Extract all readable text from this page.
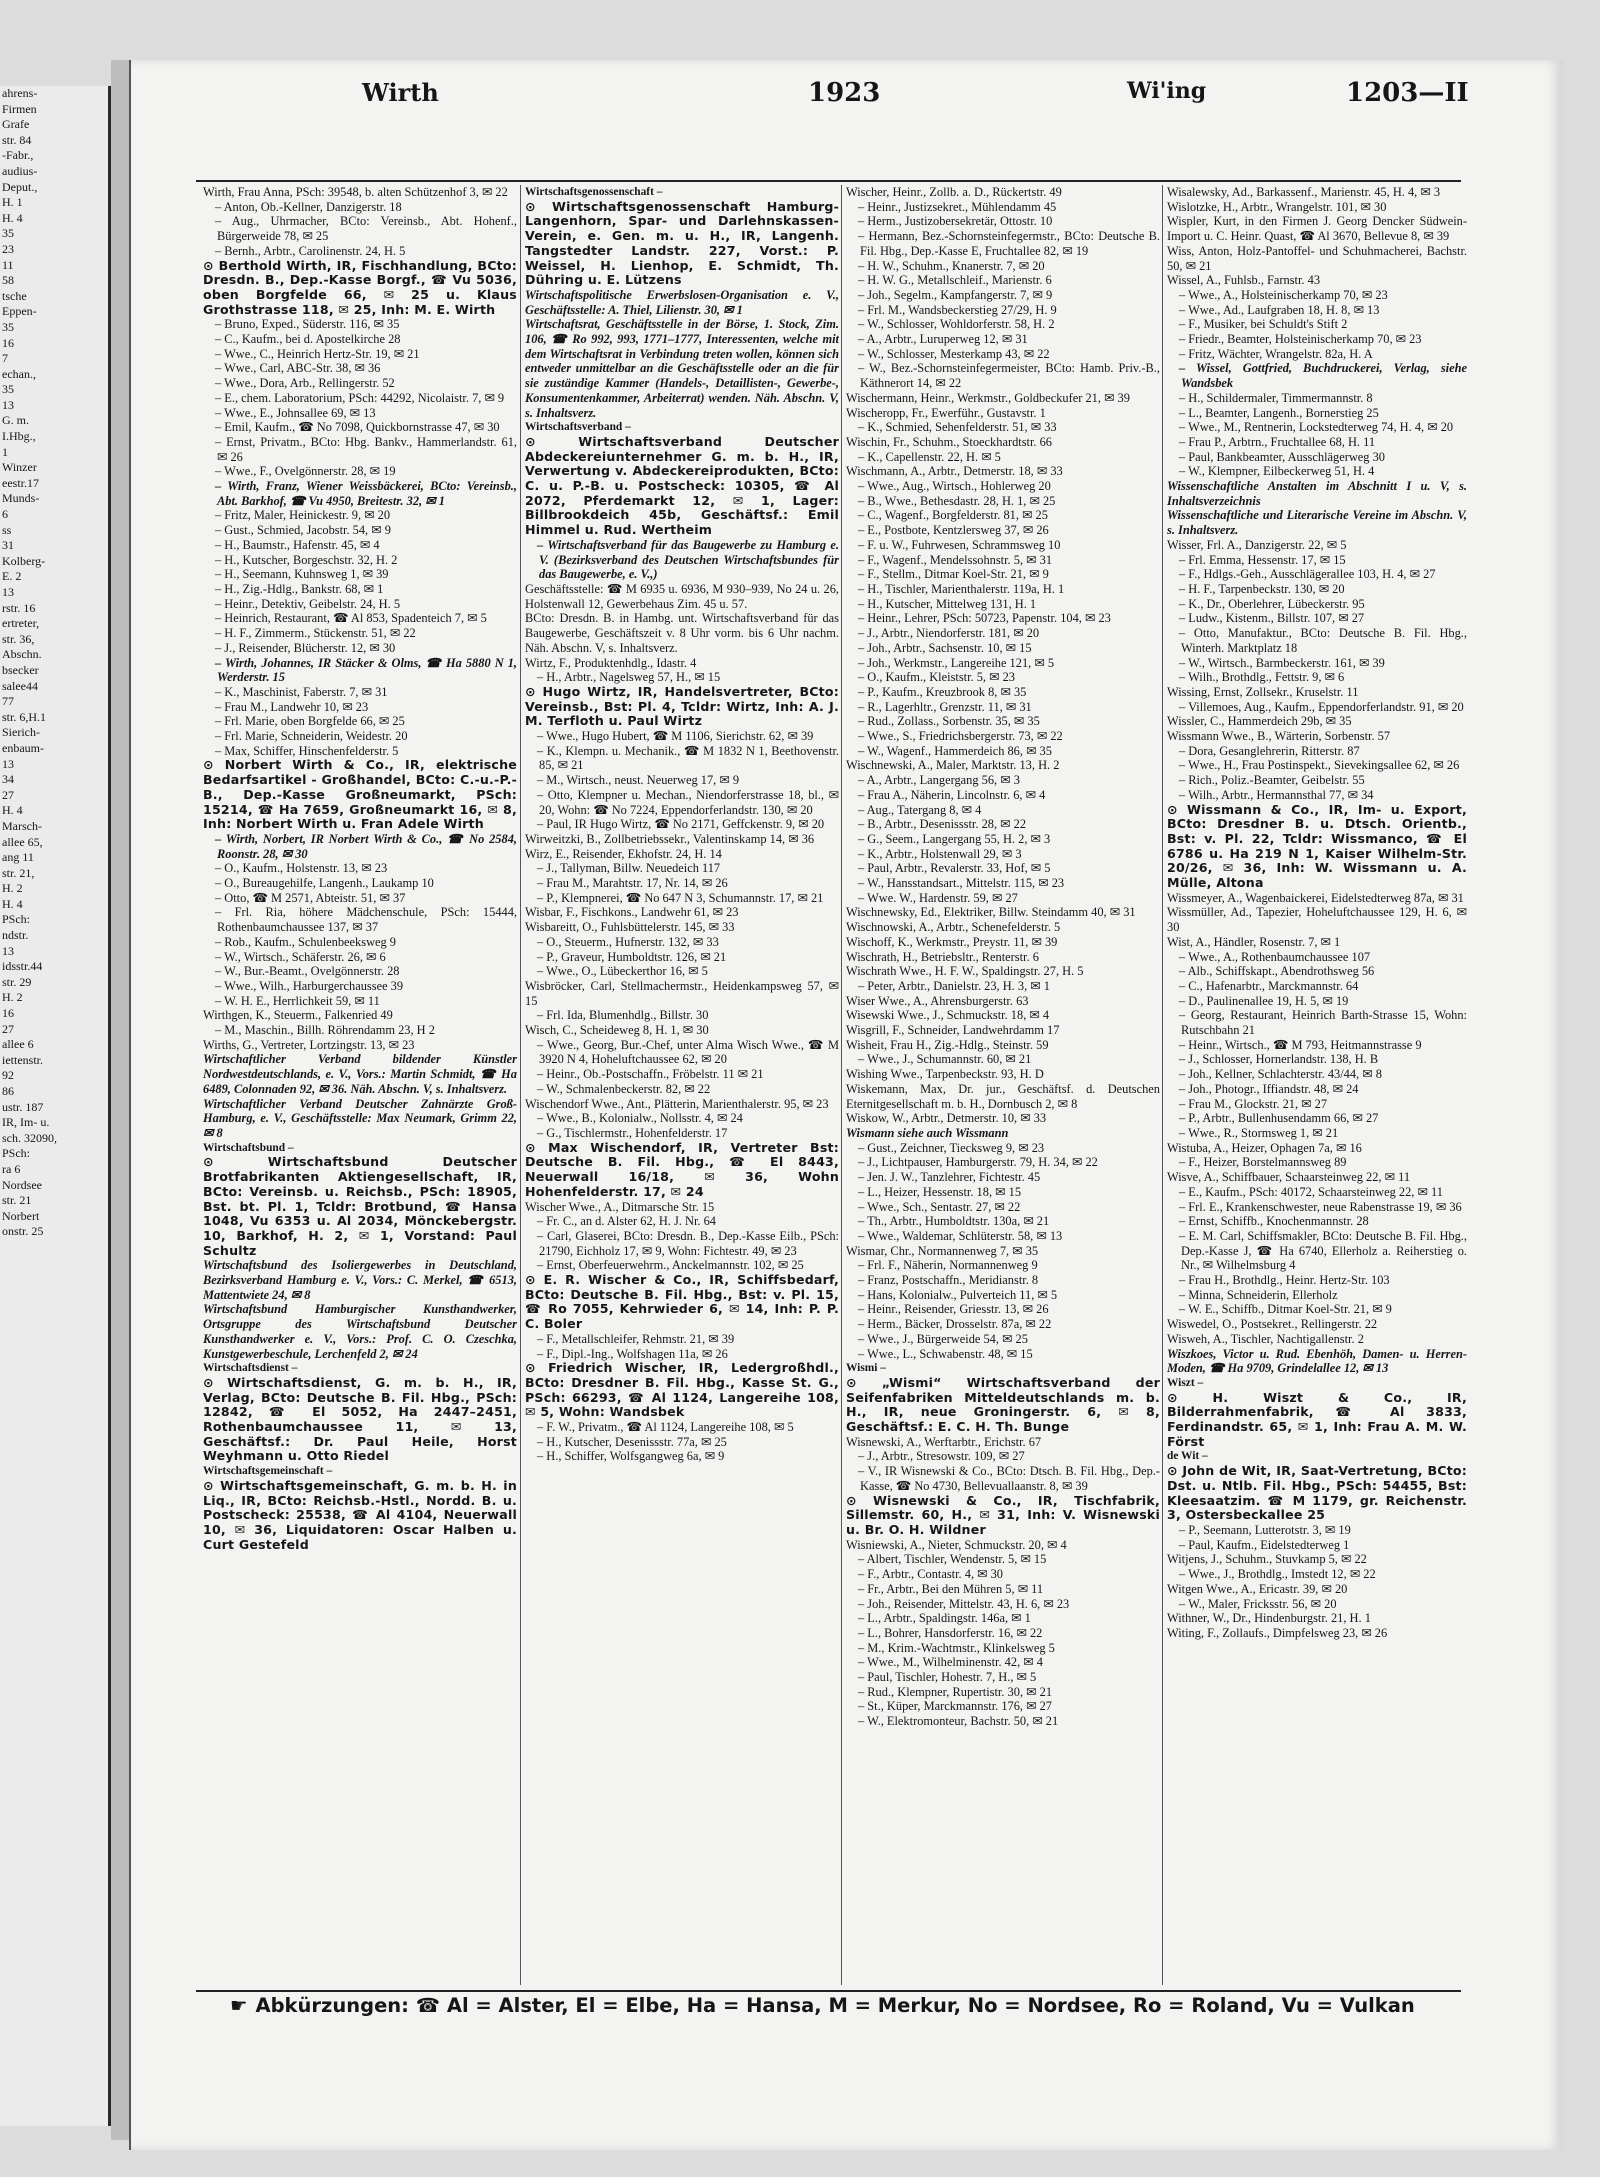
ahrens-
Firmen
Grafe
str. 84
-Fabr.,
audius-
Deput.,
H. 1
H. 4
35
23
11
58
tsche
Eppen-
35
16
7
echan.,
35
13
G. m.
I.Hbg.,
1
Winzer
eestr.17
Munds-
6
ss
31
Kolberg-
E. 2
13
rstr. 16
ertreter,
str. 36,
Abschn.
bsecker
salee44
77
str. 6,H.1
Sierich-
enbaum-
13
34
27
H. 4
Marsch-
allee 65,
ang 11
str. 21,
H. 2
H. 4
PSch:
ndstr.
13
idsstr.44
str. 29
H. 2
16
27
allee 6
iettenstr.
92
86
ustr. 187
IR, Im- u.
sch. 32090,
PSch:
ra 6
Nordsee
str. 21
Norbert
onstr. 25
Wirth	1923	Wi'ing	1203—II

Wirth, Frau Anna, PSch: 39548, b. alten Schützenhof 3, ✉ 22

– Anton, Ob.-Kellner, Danzigerstr. 18

– Aug., Uhrmacher, BCto: Vereinsb., Abt. Hohenf., Bürgerweide 78, ✉ 25

– Bernh., Arbtr., Carolinenstr. 24, H. 5

⊙ Berthold Wirth, IR, Fischhandlung, BCto: Dresdn. B., Dep.-Kasse Borgf., ☎ Vu 5036, oben Borgfelde 66, ✉ 25 u. Klaus Grothstrasse 118, ✉ 25, Inh: M. E. Wirth

– Bruno, Exped., Süderstr. 116, ✉ 35

– C., Kaufm., bei d. Apostelkirche 28

– Wwe., C., Heinrich Hertz-Str. 19, ✉ 21

– Wwe., Carl, ABC-Str. 38, ✉ 36

– Wwe., Dora, Arb., Rellingerstr. 52

– E., chem. Laboratorium, PSch: 44292, Nicolaistr. 7, ✉ 9

– Wwe., E., Johnsallee 69, ✉ 13

– Emil, Kaufm., ☎ No 7098, Quickbornstrasse 47, ✉ 30

– Ernst, Privatm., BCto: Hbg. Bankv., Hammerlandstr. 61, ✉ 26

– Wwe., F., Ovelgönnerstr. 28, ✉ 19

– Wirth, Franz, Wiener Weissbäckerei, BCto: Vereinsb., Abt. Barkhof, ☎ Vu 4950, Breitestr. 32, ✉ 1

– Fritz, Maler, Heinickestr. 9, ✉ 20

– Gust., Schmied, Jacobstr. 54, ✉ 9

– H., Baumstr., Hafenstr. 45, ✉ 4

– H., Kutscher, Borgeschstr. 32, H. 2

– H., Seemann, Kuhnsweg 1, ✉ 39

– H., Zig.-Hdlg., Bankstr. 68, ✉ 1

– Heinr., Detektiv, Geibelstr. 24, H. 5

– Heinrich, Restaurant, ☎ Al 853, Spadenteich 7, ✉ 5

– H. F., Zimmerm., Stückenstr. 51, ✉ 22

– J., Reisender, Blücherstr. 12, ✉ 30

– Wirth, Johannes, IR Stäcker & Olms, ☎ Ha 5880 N 1, Werderstr. 15

– K., Maschinist, Faberstr. 7, ✉ 31

– Frau M., Landwehr 10, ✉ 23

– Frl. Marie, oben Borgfelde 66, ✉ 25

– Frl. Marie, Schneiderin, Weidestr. 20

– Max, Schiffer, Hinschenfelderstr. 5

⊙ Norbert Wirth & Co., IR, elektrische Bedarfsartikel - Großhandel, BCto: C.-u.-P.-B., Dep.-Kasse Großneumarkt, PSch: 15214, ☎ Ha 7659, Großneumarkt 16, ✉ 8, Inh: Norbert Wirth u. Fran Adele Wirth

– Wirth, Norbert, IR Norbert Wirth & Co., ☎ No 2584, Roonstr. 28, ✉ 30

– O., Kaufm., Holstenstr. 13, ✉ 23

– O., Bureaugehilfe, Langenh., Laukamp 10

– Otto, ☎ M 2571, Abteistr. 51, ✉ 37

– Frl. Ria, höhere Mädchenschule, PSch: 15444, Rothenbaumchaussee 137, ✉ 37

– Rob., Kaufm., Schulenbeeksweg 9

– W., Wirtsch., Schäferstr. 26, ✉ 6

– W., Bur.-Beamt., Ovelgönnerstr. 28

– Wwe., Wilh., Harburgerchaussee 39

– W. H. E., Herrlichkeit 59, ✉ 11

Wirthgen, K., Steuerm., Falkenried 49

– M., Maschin., Billh. Röhrendamm 23, H 2

Wirths, G., Vertreter, Lortzingstr. 13, ✉ 23

Wirtschaftlicher Verband bildender Künstler Nordwestdeutschlands, e. V., Vors.: Martin Schmidt, ☎ Ha 6489, Colonnaden 92, ✉ 36. Näh. Abschn. V, s. Inhaltsverz.

Wirtschaftlicher Verband Deutscher Zahnärzte Groß-Hamburg, e. V., Geschäftsstelle: Max Neumark, Grimm 22, ✉ 8

Wirtschaftsbund –

⊙ Wirtschaftsbund Deutscher Brotfabrikanten Aktiengesellschaft, IR, BCto: Vereinsb. u. Reichsb., PSch: 18905, Bst. bt. Pl. 1, Tcldr: Brotbund, ☎ Hansa 1048, Vu 6353 u. Al 2034, Mönckebergstr. 10, Barkhof, H. 2, ✉ 1, Vorstand: Paul Schultz

Wirtschaftsbund des Isoliergewerbes in Deutschland, Bezirksverband Hamburg e. V., Vors.: C. Merkel, ☎ 6513, Mattentwiete 24, ✉ 8

Wirtschaftsbund Hamburgischer Kunsthandwerker, Ortsgruppe des Wirtschaftsbund Deutscher Kunsthandwerker e. V., Vors.: Prof. C. O. Czeschka, Kunstgewerbeschule, Lerchenfeld 2, ✉ 24

Wirtschaftsdienst –

⊙ Wirtschaftsdienst, G. m. b. H., IR, Verlag, BCto: Deutsche B. Fil. Hbg., PSch: 12842, ☎ El 5052, Ha 2447–2451, Rothenbaumchaussee 11, ✉ 13, Geschäftsf.: Dr. Paul Heile, Horst Weyhmann u. Otto Riedel

Wirtschaftsgemeinschaft –

⊙ Wirtschaftsgemeinschaft, G. m. b. H. in Liq., IR, BCto: Reichsb.-Hstl., Nordd. B. u. Postscheck: 25538, ☎ Al 4104, Neuerwall 10, ✉ 36, Liquidatoren: Oscar Halben u. Curt Gestefeld

Wirtschaftsgenossenschaft –

⊙ Wirtschaftsgenossenschaft Hamburg-Langenhorn, Spar- und Darlehnskassen-Verein, e. Gen. m. u. H., IR, Langenh. Tangstedter Landstr. 227, Vorst.: P. Weissel, H. Lienhop, E. Schmidt, Th. Dühring u. E. Lützens

Wirtschaftspolitische Erwerbslosen-Organisation e. V., Geschäftsstelle: A. Thiel, Lilienstr. 30, ✉ 1

Wirtschaftsrat, Geschäftsstelle in der Börse, 1. Stock, Zim. 106, ☎ Ro 992, 993, 1771–1777, Interessenten, welche mit dem Wirtschaftsrat in Verbindung treten wollen, können sich entweder unmittelbar an die Geschäftsstelle oder an die für sie zuständige Kammer (Handels-, Detaillisten-, Gewerbe-, Konsumentenkammer, Arbeiterrat) wenden. Näh. Abschn. V, s. Inhaltsverz.

Wirtschaftsverband –

⊙ Wirtschaftsverband Deutscher Abdeckereiunternehmer G. m. b. H., IR, Verwertung v. Abdeckereiprodukten, BCto: C. u. P.-B. u. Postscheck: 10305, ☎ Al 2072, Pferdemarkt 12, ✉ 1, Lager: Billbrookdeich 45b, Geschäftsf.: Emil Himmel u. Rud. Wertheim

– Wirtschaftsverband für das Baugewerbe zu Hamburg e. V. (Bezirksverband des Deutschen Wirtschaftsbundes für das Baugewerbe, e. V.,)

Geschäftsstelle: ☎ M 6935 u. 6936, M 930–939, No 24 u. 26, Holstenwall 12, Gewerbehaus Zim. 45 u. 57.

BCto: Dresdn. B. in Hambg. unt. Wirtschaftsverband für das Baugewerbe, Geschäftszeit v. 8 Uhr vorm. bis 6 Uhr nachm. Näh. Abschn. V, s. Inhaltsverz.

Wirtz, F., Produktenhdlg., Idastr. 4

– H., Arbtr., Nagelsweg 57, H., ✉ 15

⊙ Hugo Wirtz, IR, Handelsvertreter, BCto: Vereinsb., Bst: Pl. 4, Tcldr: Wirtz, Inh: A. J. M. Terfloth u. Paul Wirtz

– Wwe., Hugo Hubert, ☎ M 1106, Sierichstr. 62, ✉ 39

– K., Klempn. u. Mechanik., ☎ M 1832 N 1, Beethovenstr. 85, ✉ 21

– M., Wirtsch., neust. Neuerweg 17, ✉ 9

– Otto, Klempner u. Mechan., Niendorferstrasse 18, bl., ✉ 20, Wohn: ☎ No 7224, Eppendorferlandstr. 130, ✉ 20

– Paul, IR Hugo Wirtz, ☎ No 2171, Geffckenstr. 9, ✉ 20

Wirweitzki, B., Zollbetriebssekr., Valentinskamp 14, ✉ 36

Wirz, E., Reisender, Ekhofstr. 24, H. 14

– J., Tallyman, Billw. Neuedeich 117

– Frau M., Marahtstr. 17, Nr. 14, ✉ 26

– P., Klempnerei, ☎ No 647 N 3, Schumannstr. 17, ✉ 21

Wisbar, F., Fischkons., Landwehr 61, ✉ 23

Wisbareitt, O., Fuhlsbüttelerstr. 145, ✉ 33

– O., Steuerm., Hufnerstr. 132, ✉ 33

– P., Graveur, Humboldtstr. 126, ✉ 21

– Wwe., O., Lübeckerthor 16, ✉ 5

Wisbröcker, Carl, Stellmachermstr., Heidenkampsweg 57, ✉ 15

– Frl. Ida, Blumenhdlg., Billstr. 30

Wisch, C., Scheideweg 8, H. 1, ✉ 30

– Wwe., Georg, Bur.-Chef, unter Alma Wisch Wwe., ☎ M 3920 N 4, Hoheluftchaussee 62, ✉ 20

– Heinr., Ob.-Postschaffn., Fröbelstr. 11 ✉ 21

– W., Schmalenbeckerstr. 82, ✉ 22

Wischendorf Wwe., Ant., Plätterin, Marienthalerstr. 95, ✉ 23

– Wwe., B., Kolonialw., Nollsstr. 4, ✉ 24

– G., Tischlermstr., Hohenfelderstr. 17

⊙ Max Wischendorf, IR, Vertreter Bst: Deutsche B. Fil. Hbg., ☎ El 8443, Neuerwall 16/18, ✉ 36, Wohn Hohenfelderstr. 17, ✉ 24

Wischer Wwe., A., Ditmarsche Str. 15

– Fr. C., an d. Alster 62, H. J. Nr. 64

– Carl, Glaserei, BCto: Dresdn. B., Dep.-Kasse Eilb., PSch: 21790, Eichholz 17, ✉ 9, Wohn: Fichtestr. 49, ✉ 23

– Ernst, Oberfeuerwehrm., Anckelmannstr. 102, ✉ 25

⊙ E. R. Wischer & Co., IR, Schiffsbedarf, BCto: Deutsche B. Fil. Hbg., Bst: v. Pl. 15, ☎ Ro 7055, Kehrwieder 6, ✉ 14, Inh: P. P. C. Boler

– F., Metallschleifer, Rehmstr. 21, ✉ 39

– F., Dipl.-Ing., Wolfshagen 11a, ✉ 26

⊙ Friedrich Wischer, IR, Ledergroßhdl., BCto: Dresdner B. Fil. Hbg., Kasse St. G., PSch: 66293, ☎ Al 1124, Langereihe 108, ✉ 5, Wohn: Wandsbek

– F. W., Privatm., ☎ Al 1124, Langereihe 108, ✉ 5

– H., Kutscher, Desenissstr. 77a, ✉ 25

– H., Schiffer, Wolfsgangweg 6a, ✉ 9

Wischer, Heinr., Zollb. a. D., Rückertstr. 49

– Heinr., Justizsekret., Mühlendamm 45

– Herm., Justizobersekretär, Ottostr. 10

– Hermann, Bez.-Schornsteinfegermstr., BCto: Deutsche B. Fil. Hbg., Dep.-Kasse E, Fruchtallee 82, ✉ 19

– H. W., Schuhm., Knanerstr. 7, ✉ 20

– H. W. G., Metallschleif., Marienstr. 6

– Joh., Segelm., Kampfangerstr. 7, ✉ 9

– Frl. M., Wandsbeckerstieg 27/29, H. 9

– W., Schlosser, Wohldorferstr. 58, H. 2

– A., Arbtr., Luruperweg 12, ✉ 31

– W., Schlosser, Mesterkamp 43, ✉ 22

– W., Bez.-Schornsteinfegermeister, BCto: Hamb. Priv.-B., Käthnerort 14, ✉ 22

Wischermann, Heinr., Werkmstr., Goldbeckufer 21, ✉ 39

Wischeropp, Fr., Ewerführ., Gustavstr. 1

– K., Schmied, Sehenfelderstr. 51, ✉ 33

Wischin, Fr., Schuhm., Stoeckhardtstr. 66

– K., Capellenstr. 22, H. ✉ 5

Wischmann, A., Arbtr., Detmerstr. 18, ✉ 33

– Wwe., Aug., Wirtsch., Hohlerweg 20

– B., Wwe., Bethesdastr. 28, H. 1, ✉ 25

– C., Wagenf., Borgfelderstr. 81, ✉ 25

– E., Postbote, Kentzlersweg 37, ✉ 26

– F. u. W., Fuhrwesen, Schrammsweg 10

– F., Wagenf., Mendelssohnstr. 5, ✉ 31

– F., Stellm., Ditmar Koel-Str. 21, ✉ 9

– H., Tischler, Marienthalerstr. 119a, H. 1

– H., Kutscher, Mittelweg 131, H. 1

– Heinr., Lehrer, PSch: 50723, Papenstr. 104, ✉ 23

– J., Arbtr., Niendorferstr. 181, ✉ 20

– Joh., Arbtr., Sachsenstr. 10, ✉ 15

– Joh., Werkmstr., Langereihe 121, ✉ 5

– O., Kaufm., Kleiststr. 5, ✉ 23

– P., Kaufm., Kreuzbrook 8, ✉ 35

– R., Lagerhltr., Grenzstr. 11, ✉ 31

– Rud., Zollass., Sorbenstr. 35, ✉ 35

– Wwe., S., Friedrichsbergerstr. 73, ✉ 22

– W., Wagenf., Hammerdeich 86, ✉ 35

Wischnewski, A., Maler, Marktstr. 13, H. 2

– A., Arbtr., Langergang 56, ✉ 3

– Frau A., Näherin, Lincolnstr. 6, ✉ 4

– Aug., Tatergang 8, ✉ 4

– B., Arbtr., Desenissstr. 28, ✉ 22

– G., Seem., Langergang 55, H. 2, ✉ 3

– K., Arbtr., Holstenwall 29, ✉ 3

– Paul, Arbtr., Revalerstr. 33, Hof, ✉ 5

– W., Hansstandsart., Mittelstr. 115, ✉ 23

– Wwe. W., Hardenstr. 59, ✉ 27

Wischnewsky, Ed., Elektriker, Billw. Steindamm 40, ✉ 31

Wischnowski, A., Arbtr., Schenefelderstr. 5

Wischoff, K., Werkmstr., Preystr. 11, ✉ 39

Wischrath, H., Betriebsltr., Renterstr. 6

Wischrath Wwe., H. F. W., Spaldingstr. 27, H. 5

– Peter, Arbtr., Danielstr. 23, H. 3, ✉ 1

Wiser Wwe., A., Ahrensburgerstr. 63

Wisewski Wwe., J., Schmuckstr. 18, ✉ 4

Wisgrill, F., Schneider, Landwehrdamm 17

Wisheit, Frau H., Zig.-Hdlg., Steinstr. 59

– Wwe., J., Schumannstr. 60, ✉ 21

Wishing Wwe., Tarpenbeckstr. 93, H. D

Wiskemann, Max, Dr. jur., Geschäftsf. d. Deutschen Eternitgesellschaft m. b. H., Dornbusch 2, ✉ 8

Wiskow, W., Arbtr., Detmerstr. 10, ✉ 33

Wismann siehe auch Wissmann

– Gust., Zeichner, Tiecksweg 9, ✉ 23

– J., Lichtpauser, Hamburgerstr. 79, H. 34, ✉ 22

– Jen. J. W., Tanzlehrer, Fichtestr. 45

– L., Heizer, Hessenstr. 18, ✉ 15

– Wwe., Sch., Sentastr. 27, ✉ 22

– Th., Arbtr., Humboldtstr. 130a, ✉ 21

– Wwe., Waldemar, Schlüterstr. 58, ✉ 13

Wismar, Chr., Normannenweg 7, ✉ 35

– Frl. F., Näherin, Normannenweg 9

– Franz, Postschaffn., Meridianstr. 8

– Hans, Kolonialw., Pulverteich 11, ✉ 5

– Heinr., Reisender, Griesstr. 13, ✉ 26

– Herm., Bäcker, Drosselstr. 87a, ✉ 22

– Wwe., J., Bürgerweide 54, ✉ 25

– Wwe., L., Schwabenstr. 48, ✉ 15

Wismi –

⊙ „Wismi“ Wirtschaftsverband der Seifenfabriken Mitteldeutschlands m. b. H., IR, neue Groningerstr. 6, ✉ 8, Geschäftsf.: E. C. H. Th. Bunge

Wisnewski, A., Werftarbtr., Erichstr. 67

– J., Arbtr., Stresowstr. 109, ✉ 27

– V., IR Wisnewski & Co., BCto: Dtsch. B. Fil. Hbg., Dep.-Kasse, ☎ No 4730, Bellevuallaanstr. 8, ✉ 39

⊙ Wisnewski & Co., IR, Tischfabrik, Sillemstr. 60, H., ✉ 31, Inh: V. Wisnewski u. Br. O. H. Wildner

Wisniewski, A., Nieter, Schmuckstr. 20, ✉ 4

– Albert, Tischler, Wendenstr. 5, ✉ 15

– F., Arbtr., Contastr. 4, ✉ 30

– Fr., Arbtr., Bei den Mühren 5, ✉ 11

– Joh., Reisender, Mittelstr. 43, H. 6, ✉ 23

– L., Arbtr., Spaldingstr. 146a, ✉ 1

– L., Bohrer, Hansdorferstr. 16, ✉ 22

– M., Krim.-Wachtmstr., Klinkelsweg 5

– Wwe., M., Wilhelminenstr. 42, ✉ 4

– Paul, Tischler, Hohestr. 7, H., ✉ 5

– Rud., Klempner, Rupertistr. 30, ✉ 21

– St., Küper, Marckmannstr. 176, ✉ 27

– W., Elektromonteur, Bachstr. 50, ✉ 21

Wisalewsky, Ad., Barkassenf., Marienstr. 45, H. 4, ✉ 3

Wislotzke, H., Arbtr., Wrangelstr. 101, ✉ 30

Wispler, Kurt, in den Firmen J. Georg Dencker Südwein-Import u. C. Heinr. Quast, ☎ Al 3670, Bellevue 8, ✉ 39

Wiss, Anton, Holz-Pantoffel- und Schuhmacherei, Bachstr. 50, ✉ 21

Wissel, A., Fuhlsb., Farnstr. 43

– Wwe., A., Holsteinischerkamp 70, ✉ 23

– Wwe., Ad., Laufgraben 18, H. 8, ✉ 13

– F., Musiker, bei Schuldt's Stift 2

– Friedr., Beamter, Holsteinischerkamp 70, ✉ 23

– Fritz, Wächter, Wrangelstr. 82a, H. A

– Wissel, Gottfried, Buchdruckerei, Verlag, siehe Wandsbek

– H., Schildermaler, Timmermannstr. 8

– L., Beamter, Langenh., Bornerstieg 25

– Wwe., M., Rentnerin, Lockstedterweg 74, H. 4, ✉ 20

– Frau P., Arbtrn., Fruchtallee 68, H. 11

– Paul, Bankbeamter, Ausschlägerweg 30

– W., Klempner, Eilbeckerweg 51, H. 4

Wissenschaftliche Anstalten im Abschnitt I u. V, s. Inhaltsverzeichnis

Wissenschaftliche und Literarische Vereine im Abschn. V, s. Inhaltsverz.

Wisser, Frl. A., Danzigerstr. 22, ✉ 5

– Frl. Emma, Hessenstr. 17, ✉ 15

– F., Hdlgs.-Geh., Ausschlägerallee 103, H. 4, ✉ 27

– H. F., Tarpenbeckstr. 130, ✉ 20

– K., Dr., Oberlehrer, Lübeckerstr. 95

– Ludw., Kistenm., Billstr. 107, ✉ 27

– Otto, Manufaktur., BCto: Deutsche B. Fil. Hbg., Winterh. Marktplatz 18

– W., Wirtsch., Barmbeckerstr. 161, ✉ 39

– Wilh., Brothdlg., Fettstr. 9, ✉ 6

Wissing, Ernst, Zollsekr., Kruselstr. 11

– Villemoes, Aug., Kaufm., Eppendorferlandstr. 91, ✉ 20

Wissler, C., Hammerdeich 29b, ✉ 35

Wissmann Wwe., B., Wärterin, Sorbenstr. 57

– Dora, Gesanglehrerin, Ritterstr. 87

– Wwe., H., Frau Postinspekt., Sievekingsallee 62, ✉ 26

– Rich., Poliz.-Beamter, Geibelstr. 55

– Wilh., Arbtr., Hermannsthal 77, ✉ 34

⊙ Wissmann & Co., IR, Im- u. Export, BCto: Dresdner B. u. Dtsch. Orientb., Bst: v. Pl. 22, Tcldr: Wissmanco, ☎ El 6786 u. Ha 219 N 1, Kaiser Wilhelm-Str. 20/26, ✉ 36, Inh: W. Wissmann u. A. Mülle, Altona

Wissmeyer, A., Wagenbaickerei, Eidelstedterweg 87a, ✉ 31

Wissmüller, Ad., Tapezier, Hoheluftchaussee 129, H. 6, ✉ 30

Wist, A., Händler, Rosenstr. 7, ✉ 1

– Wwe., A., Rothenbaumchaussee 107

– Alb., Schiffskapt., Abendrothsweg 56

– C., Hafenarbtr., Marckmannstr. 64

– D., Paulinenallee 19, H. 5, ✉ 19

– Georg, Restaurant, Heinrich Barth-Strasse 15, Wohn: Rutschbahn 21

– Heinr., Wirtsch., ☎ M 793, Heitmannstrasse 9

– J., Schlosser, Hornerlandstr. 138, H. B

– Joh., Kellner, Schlachterstr. 43/44, ✉ 8

– Joh., Photogr., Iffiandstr. 48, ✉ 24

– Frau M., Glockstr. 21, ✉ 27

– P., Arbtr., Bullenhusendamm 66, ✉ 27

– Wwe., R., Stormsweg 1, ✉ 21

Wistuba, A., Heizer, Ophagen 7a, ✉ 16

– F., Heizer, Borstelmannsweg 89

Wisve, A., Schiffbauer, Schaarsteinweg 22, ✉ 11

– E., Kaufm., PSch: 40172, Schaarsteinweg 22, ✉ 11

– Frl. E., Krankenschwester, neue Rabenstrasse 19, ✉ 36

– Ernst, Schiffb., Knochenmannstr. 28

– E. M. Carl, Schiffsmakler, BCto: Deutsche B. Fil. Hbg., Dep.-Kasse J, ☎ Ha 6740, Ellerholz a. Reiherstieg o. Nr., ✉ Wilhelmsburg 4

– Frau H., Brothdlg., Heinr. Hertz-Str. 103

– Minna, Schneiderin, Ellerholz

– W. E., Schiffb., Ditmar Koel-Str. 21, ✉ 9

Wiswedel, O., Postsekret., Rellingerstr. 22

Wisweh, A., Tischler, Nachtigallenstr. 2

Wiszkoes, Victor u. Rud. Ebenhöh, Damen- u. Herren-Moden, ☎ Ha 9709, Grindelallee 12, ✉ 13

Wiszt –

⊙ H. Wiszt & Co., IR, Bilderrahmenfabrik, ☎ Al 3833, Ferdinandstr. 65, ✉ 1, Inh: Frau A. M. W. Först

de Wit –

⊙ John de Wit, IR, Saat-Vertretung, BCto: Dst. u. Ntlb. Fil. Hbg., PSch: 54455, Bst: Kleesaatzim. ☎ M 1179, gr. Reichenstr. 3, Ostersbeckallee 25

– P., Seemann, Lutterotstr. 3, ✉ 19

– Paul, Kaufm., Eidelstedterweg 1

Witjens, J., Schuhm., Stuvkamp 5, ✉ 22

– Wwe., J., Brothdlg., Imstedt 12, ✉ 22

Witgen Wwe., A., Ericastr. 39, ✉ 20

– W., Maler, Fricksstr. 56, ✉ 20

Withner, W., Dr., Hindenburgstr. 21, H. 1

Witing, F., Zollaufs., Dimpfelsweg 23, ✉ 26

☛ Abkürzungen: ☎ Al = Alster, El = Elbe, Ha = Hansa, M = Merkur, No = Nordsee, Ro = Roland, Vu = Vulkan
